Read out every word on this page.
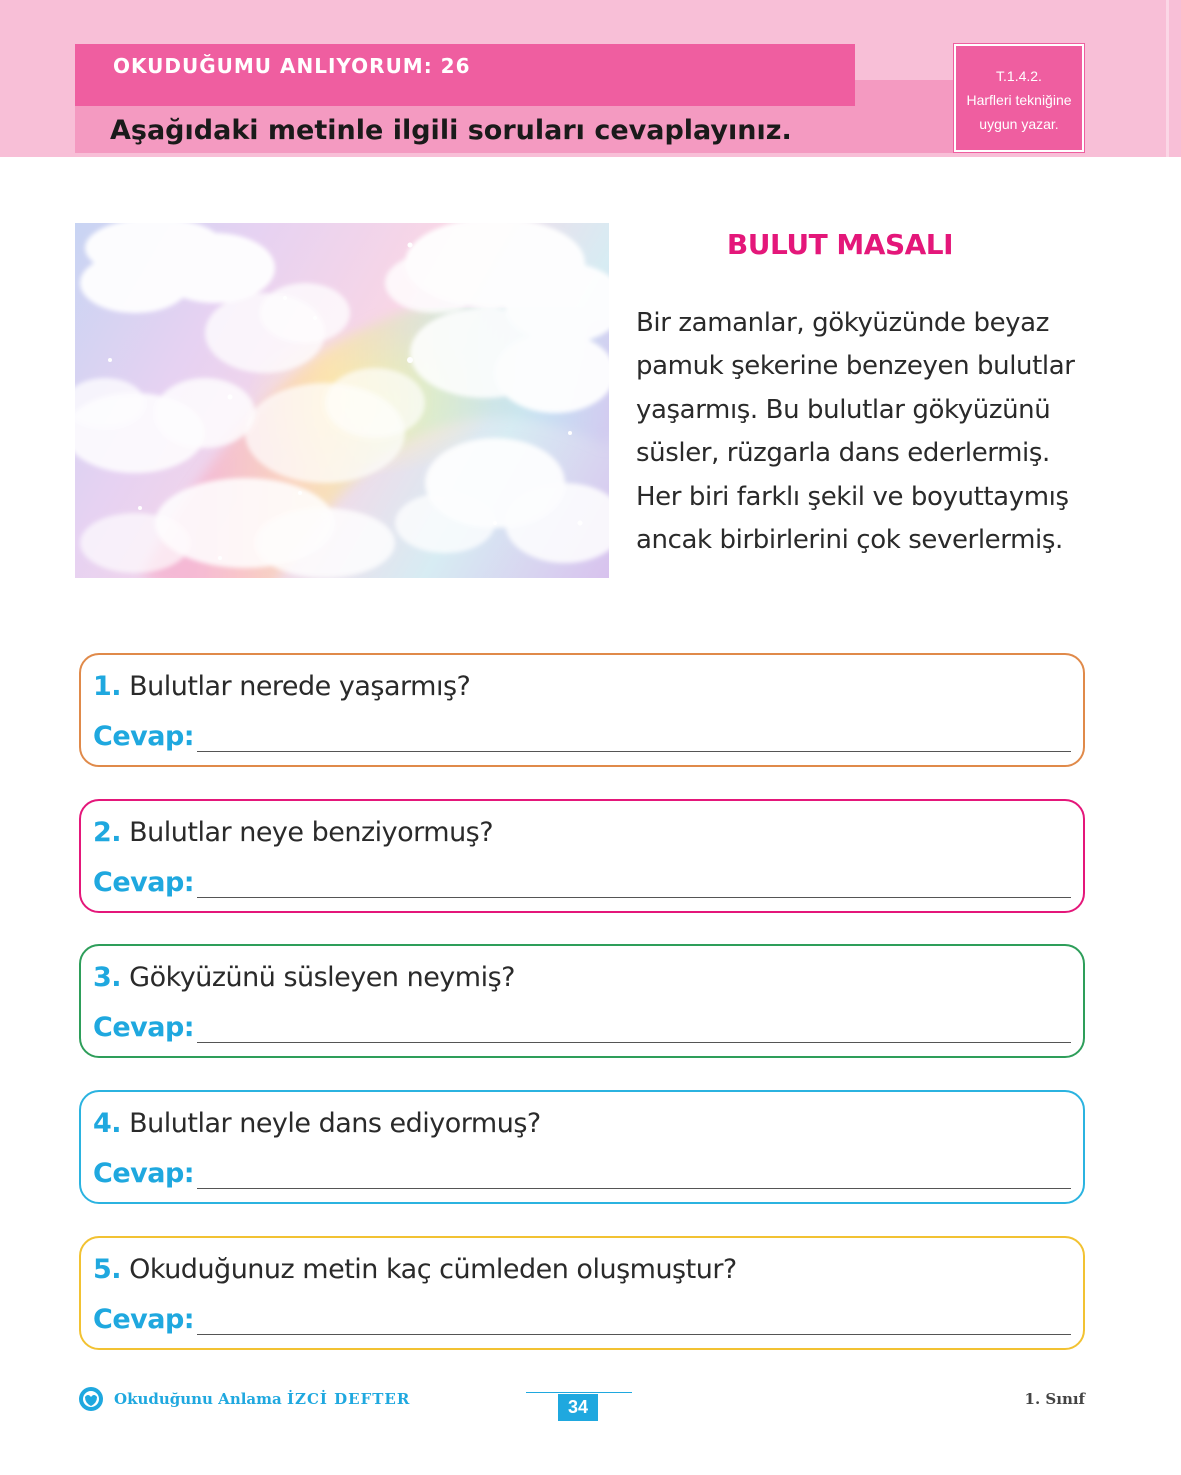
OKUDUĞUMU ANLIYORUM: 26
Aşağıdaki metinle ilgili soruları cevaplayınız.
T.1.4.2.
Harfleri tekniğine
uygun yazar.
BULUT MASALI
Bir zamanlar, gökyüzünde beyaz
pamuk şekerine benzeyen bulutlar
yaşarmış. Bu bulutlar gökyüzünü
süsler, rüzgarla dans ederlermiş.
Her biri farklı şekil ve boyuttaymış
ancak birbirlerini çok severlermiş.
1. Bulutlar nerede yaşarmış?
Cevap:
2. Bulutlar neye benziyormuş?
Cevap:
3. Gökyüzünü süsleyen neymiş?
Cevap:
4. Bulutlar neyle dans ediyormuş?
Cevap:
5. Okuduğunuz metin kaç cümleden oluşmuştur?
Cevap:
Okuduğunu Anlama İZCİ DEFTER	34	1. Sınıf
